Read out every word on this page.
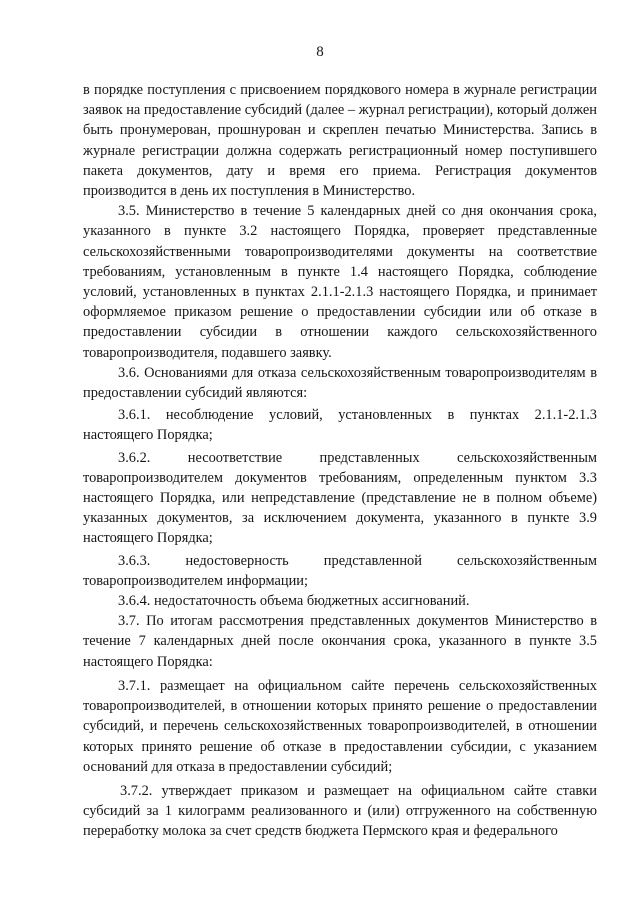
8

в порядке поступления с присвоением порядкового номера в журнале регистрации заявок на предоставление субсидий (далее – журнал регистрации), который должен быть пронумерован, прошнурован и скреплен печатью Министерства. Запись в журнале регистрации должна содержать регистрационный номер поступившего пакета документов, дату и время его приема. Регистрация документов производится в день их поступления в Министерство.

3.5. Министерство в течение 5 календарных дней со дня окончания срока, указанного в пункте 3.2 настоящего Порядка, проверяет представленные сельскохозяйственными товаропроизводителями документы на соответствие требованиям, установленным в пункте 1.4 настоящего Порядка, соблюдение условий, установленных в пунктах 2.1.1-2.1.3 настоящего Порядка, и принимает оформляемое приказом решение о предоставлении субсидии или об отказе в предоставлении субсидии в отношении каждого сельскохозяйственного товаропроизводителя, подавшего заявку.

3.6. Основаниями для отказа сельскохозяйственным товаропроизводителям в предоставлении субсидий являются:

3.6.1. несоблюдение условий, установленных в пунктах 2.1.1-2.1.3 настоящего Порядка;

3.6.2. несоответствие представленных сельскохозяйственным товаропроизводителем документов требованиям, определенным пунктом 3.3 настоящего Порядка, или непредставление (представление не в полном объеме) указанных документов, за исключением документа, указанного в пункте 3.9 настоящего Порядка;

3.6.3. недостоверность представленной сельскохозяйственным товаропроизводителем информации;

3.6.4. недостаточность объема бюджетных ассигнований.

3.7. По итогам рассмотрения представленных документов Министерство в течение 7 календарных дней после окончания срока, указанного в пункте 3.5 настоящего Порядка:

3.7.1. размещает на официальном сайте перечень сельскохозяйственных товаропроизводителей, в отношении которых принято решение о предоставлении субсидий, и перечень сельскохозяйственных товаропроизводителей, в отношении которых принято решение об отказе в предоставлении субсидии, с указанием оснований для отказа в предоставлении субсидий;

3.7.2. утверждает приказом и размещает на официальном сайте ставки субсидий за 1 килограмм реализованного и (или) отгруженного на собственную переработку молока за счет средств бюджета Пермского края и федерального
